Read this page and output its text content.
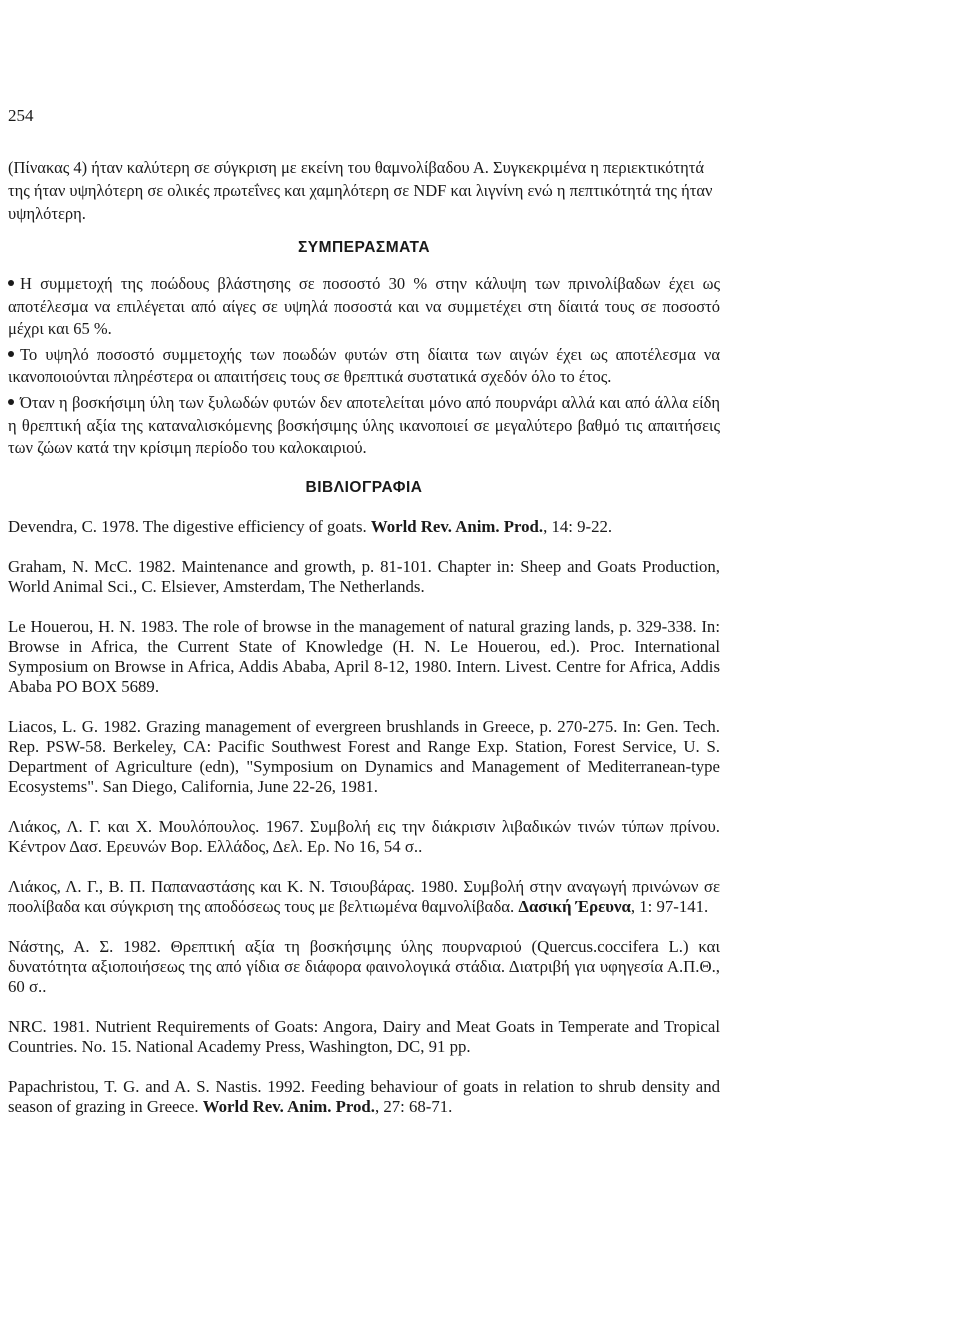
254

(Πίνακας 4) ήταν καλύτερη σε σύγκριση με εκείνη του θαμνολίβαδου Α. Συγκεκριμένα η περιεκτικότητά της ήταν υψηλότερη σε ολικές πρωτεΐνες και χαμηλότερη σε NDF και λιγνίνη ενώ η πεπτικότητά της ήταν υψηλότερη.

ΣΥΜΠΕΡΑΣΜΑΤΑ
Η συμμετοχή της ποώδους βλάστησης σε ποσοστό 30 % στην κάλυψη των πρινολίβαδων έχει ως αποτέλεσμα να επιλέγεται από αίγες σε υψηλά ποσοστά και να συμμετέχει στη δίαιτά τους σε ποσοστό μέχρι και 65 %.
Το υψηλό ποσοστό συμμετοχής των ποωδών φυτών στη δίαιτα των αιγών έχει ως αποτέλεσμα να ικανοποιούνται πληρέστερα οι απαιτήσεις τους σε θρεπτικά συστατικά σχεδόν όλο το έτος.
Όταν η βοσκήσιμη ύλη των ξυλωδών φυτών δεν αποτελείται μόνο από πουρνάρι αλλά και από άλλα είδη η θρεπτική αξία της καταναλισκόμενης βοσκήσιμης ύλης ικανοποιεί σε μεγαλύτερο βαθμό τις απαιτήσεις των ζώων κατά την κρίσιμη περίοδο του καλοκαιριού.
ΒΙΒΛΙΟΓΡΑΦΙΑ

Devendra, C. 1978. The digestive efficiency of goats. World Rev. Anim. Prod., 14: 9-22.

Graham, N. McC. 1982. Maintenance and growth, p. 81-101. Chapter in: Sheep and Goats Production, World Animal Sci., C. Elsiever, Amsterdam, The Netherlands.

Le Houerou, H. N. 1983. The role of browse in the management of natural grazing lands, p. 329-338. In: Browse in Africa, the Current State of Knowledge (H. N. Le Houerou, ed.). Proc. International Symposium on Browse in Africa, Addis Ababa, April 8-12, 1980. Intern. Livest. Centre for Africa, Addis Ababa PO BOX 5689.

Liacos, L. G. 1982. Grazing management of evergreen brushlands in Greece, p. 270-275. In: Gen. Tech. Rep. PSW-58. Berkeley, CA: Pacific Southwest Forest and Range Exp. Station, Forest Service, U. S. Department of Agriculture (edn), "Symposium on Dynamics and Management of Mediterranean-type Ecosystems". San Diego, California, June 22-26, 1981.

Λιάκος, Λ. Γ. και Χ. Μουλόπουλος. 1967. Συμβολή εις την διάκρισιν λιβαδικών τινών τύπων πρίνου. Κέντρον Δασ. Ερευνών Βορ. Ελλάδος, Δελ. Ερ. No 16, 54 σ..

Λιάκος, Λ. Γ., Β. Π. Παπαναστάσης και Κ. Ν. Τσιουβάρας. 1980. Συμβολή στην αναγωγή πρινώνων σε ποολίβαδα και σύγκριση της αποδόσεως τους με βελτιωμένα θαμνολίβαδα. Δασική Έρευνα, 1: 97-141.

Νάστης, Α. Σ. 1982. Θρεπτική αξία τη βοσκήσιμης ύλης πουρναριού (Quercus.coccifera L.) και δυνατότητα αξιοποιήσεως της από γίδια σε διάφορα φαινολογικά στάδια. Διατριβή για υφηγεσία Α.Π.Θ., 60 σ..

NRC. 1981. Nutrient Requirements of Goats: Angora, Dairy and Meat Goats in Temperate and Tropical Countries. No. 15. National Academy Press, Washington, DC, 91 pp.

Papachristou, T. G. and A. S. Nastis. 1992. Feeding behaviour of goats in relation to shrub density and season of grazing in Greece. World Rev. Anim. Prod., 27: 68-71.
